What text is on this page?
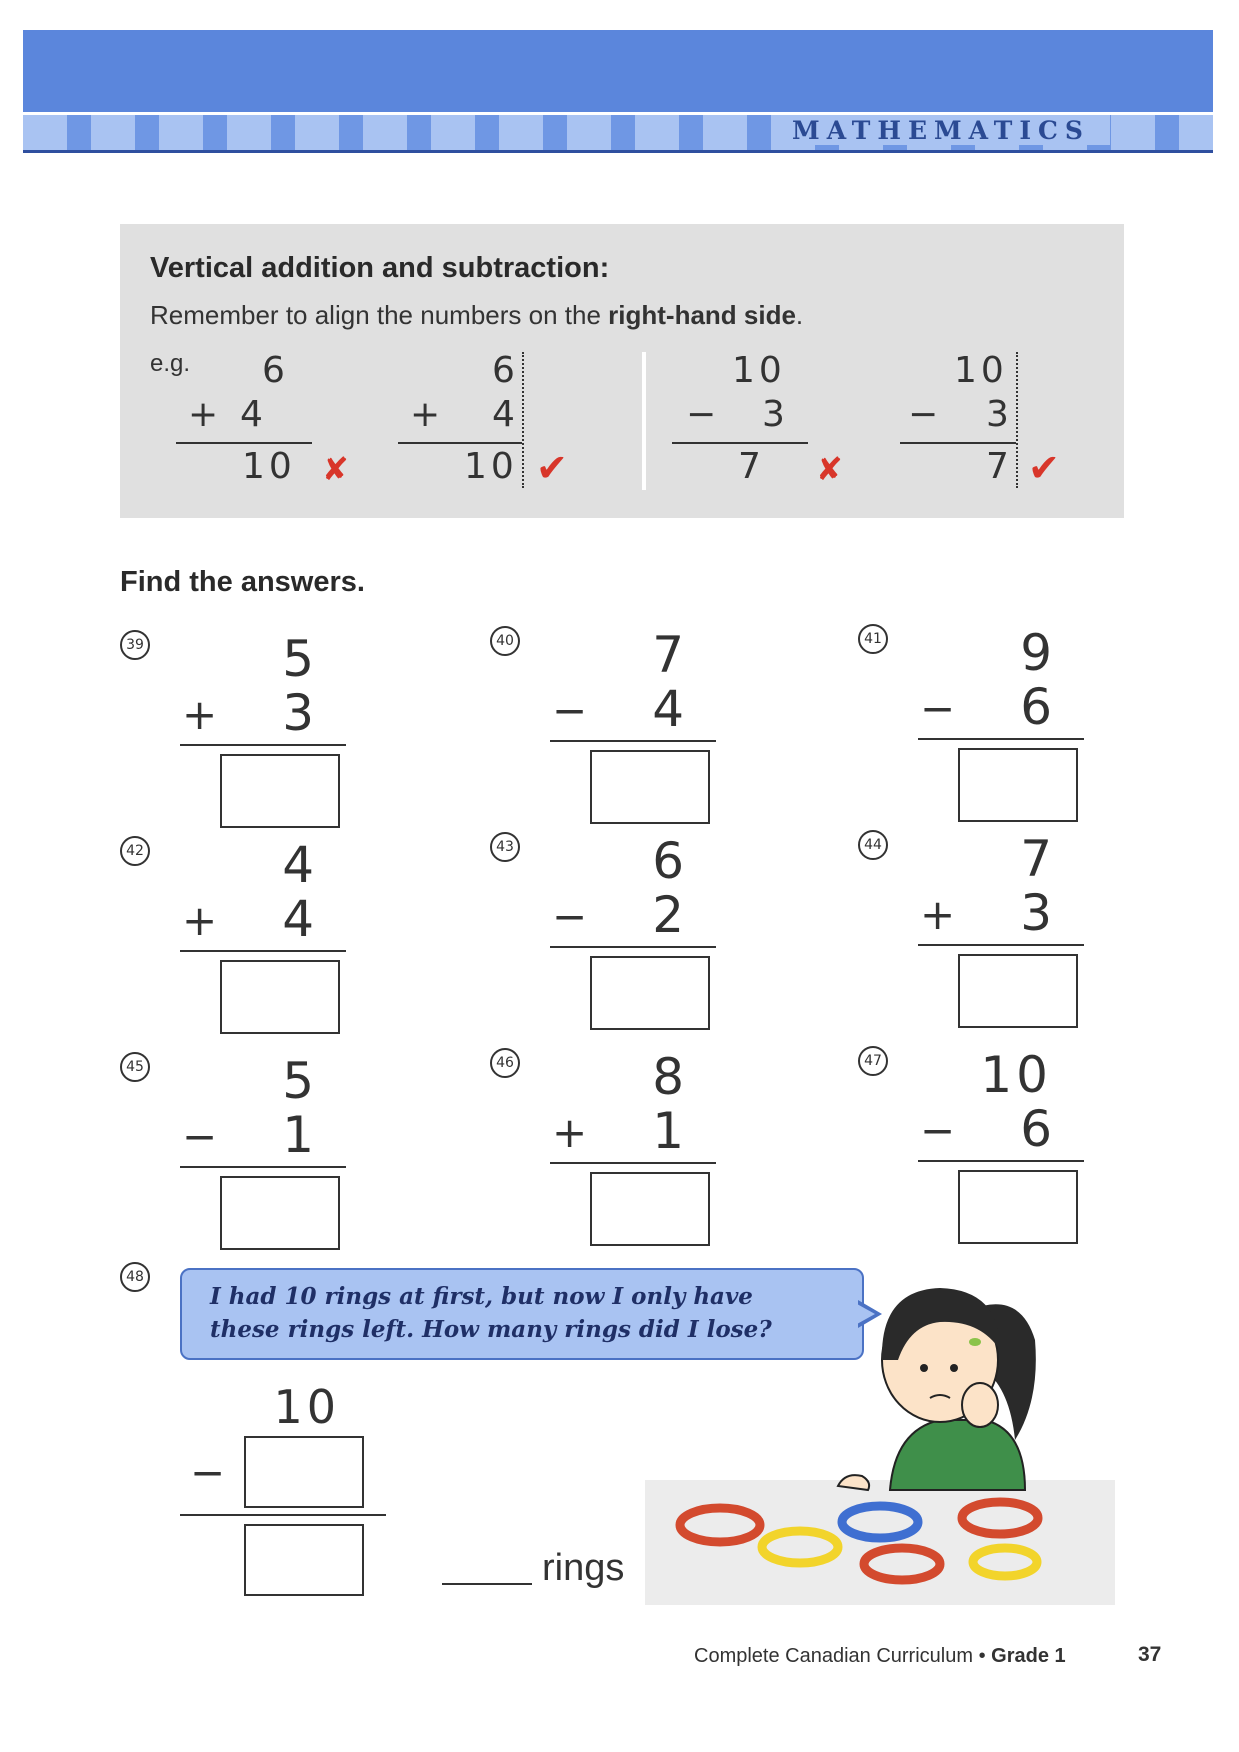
MATHEMATICS
Vertical addition and subtraction:
Remember to align the numbers on the right-hand side.
e.g. 6
+ 4
10 ✘
6
+ 4
10 ✔
10
− 3
7 ✘
10
− 3
7 ✔
Find the answers.
39	5
+ 3
40	7
− 4
41	9
− 6
42	4
+ 4
43	6
− 2
44	7
+ 3
45	5
− 1
46	8
+ 1
47 10
− 6
48
I had 10 rings at first, but now I only have these rings left. How many rings did I lose?
10
−
rings
Complete Canadian Curriculum • Grade 1	37
